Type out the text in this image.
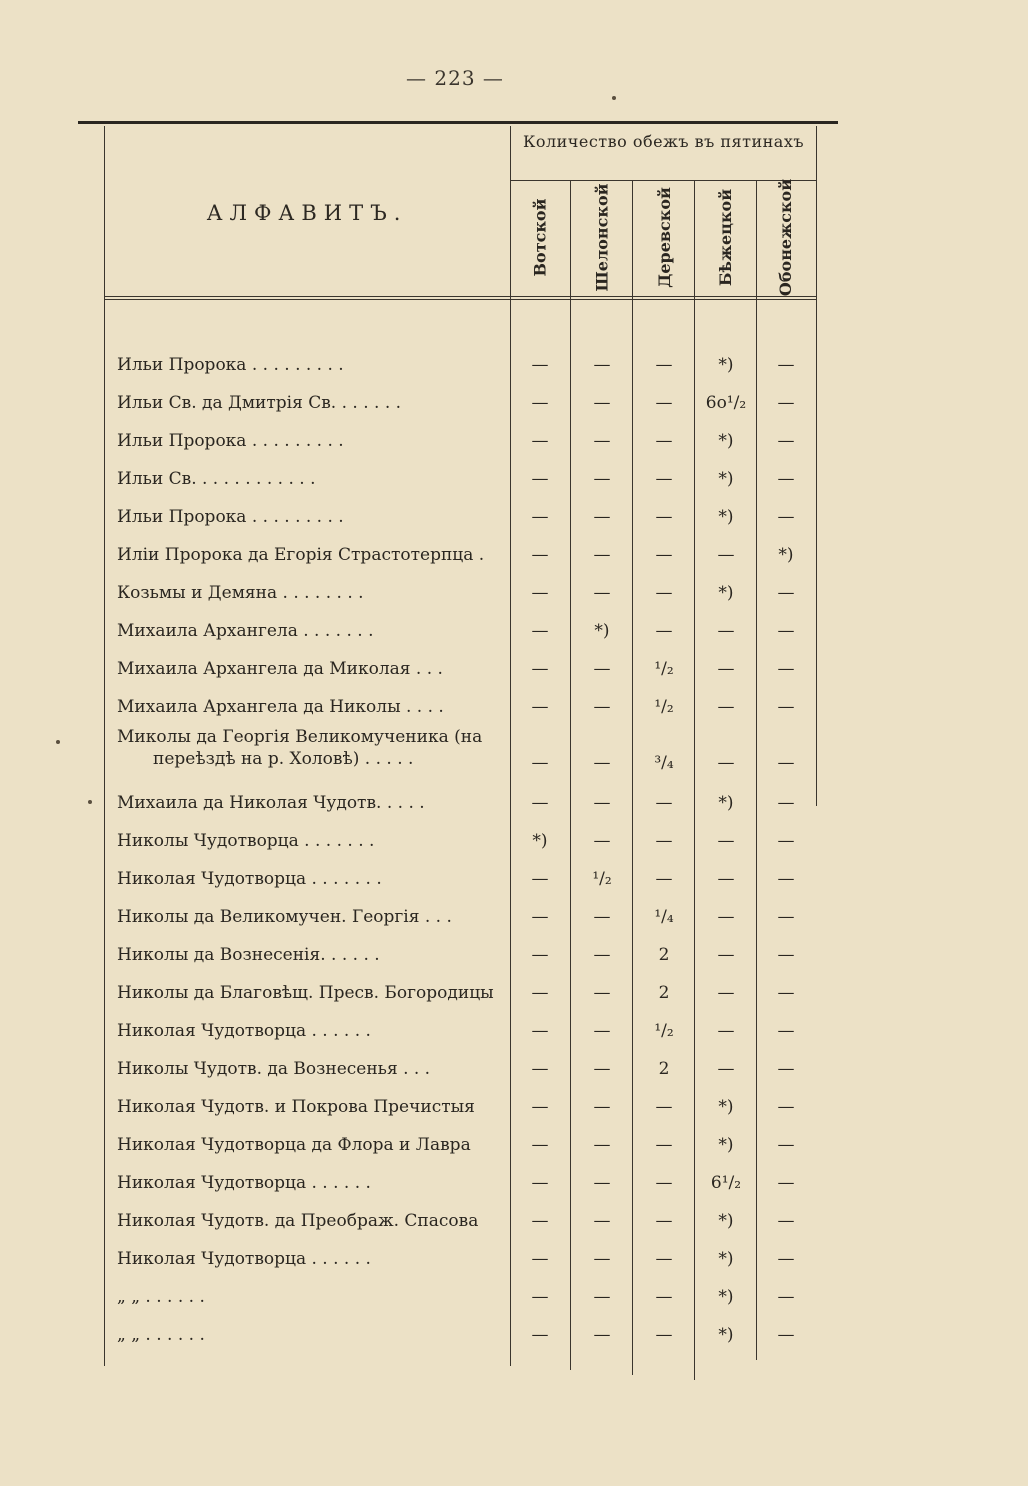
— 223 —
АЛФАВИТЪ.
Количество обежъ въ пятинахъ
Вотской	Шелонской	Деревской	Бѣжецкой	Обонежской
Ильи Пророка . . . . . . . . .	—	—	—	*)	—
Ильи Св. да Дмитрія Св. . . . . . .	—	—	—	6о¹/₂	—
Ильи Пророка . . . . . . . . .	—	—	—	*)	—
Ильи Св. . . . . . . . . . . .	—	—	—	*)	—
Ильи Пророка . . . . . . . . .	—	—	—	*)	—
Иліи Пророка да Егорія Страстотерпца .	—	—	—	—	*)
Козьмы и Демяна . . . . . . . .	—	—	—	*)	—
Михаила Архангела . . . . . . .	—	*)	—	—	—
Михаила Архангела да Миколая . . .	—	—	¹/₂	—	—
Михаила Архангела да Николы . . . .	—	—	¹/₂	—	—
Миколы да Георгія Великомученика (на
переѣздѣ на р. Холовѣ) . . . . .	—	—	³/₄	—	—
Михаила да Николая Чудотв. . . . .	—	—	—	*)	—
Николы Чудотворца . . . . . . .	*)	—	—	—	—
Николая Чудотворца . . . . . . .	—	¹/₂	—	—	—
Николы да Великомучен. Георгія . . .	—	—	¹/₄	—	—
Николы да Вознесенія. . . . . .	—	—	2	—	—
Николы да Благовѣщ. Пресв. Богородицы	—	—	2	—	—
Николая Чудотворца . . . . . .	—	—	¹/₂	—	—
Николы Чудотв. да Вознесенья . . .	—	—	2	—	—
Николая Чудотв. и Покрова Пречистыя	—	—	—	*)	—
Николая Чудотворца да Флора и Лавра	—	—	—	*)	—
Николая Чудотворца . . . . . .	—	—	—	6¹/₂	—
Николая Чудотв. да Преображ. Спасова	—	—	—	*)	—
Николая Чудотворца . . . . . .	—	—	—	*)	—
„ „ . . . . . .	—	—	—	*)	—
„ „ . . . . . .	—	—	—	*)	—
